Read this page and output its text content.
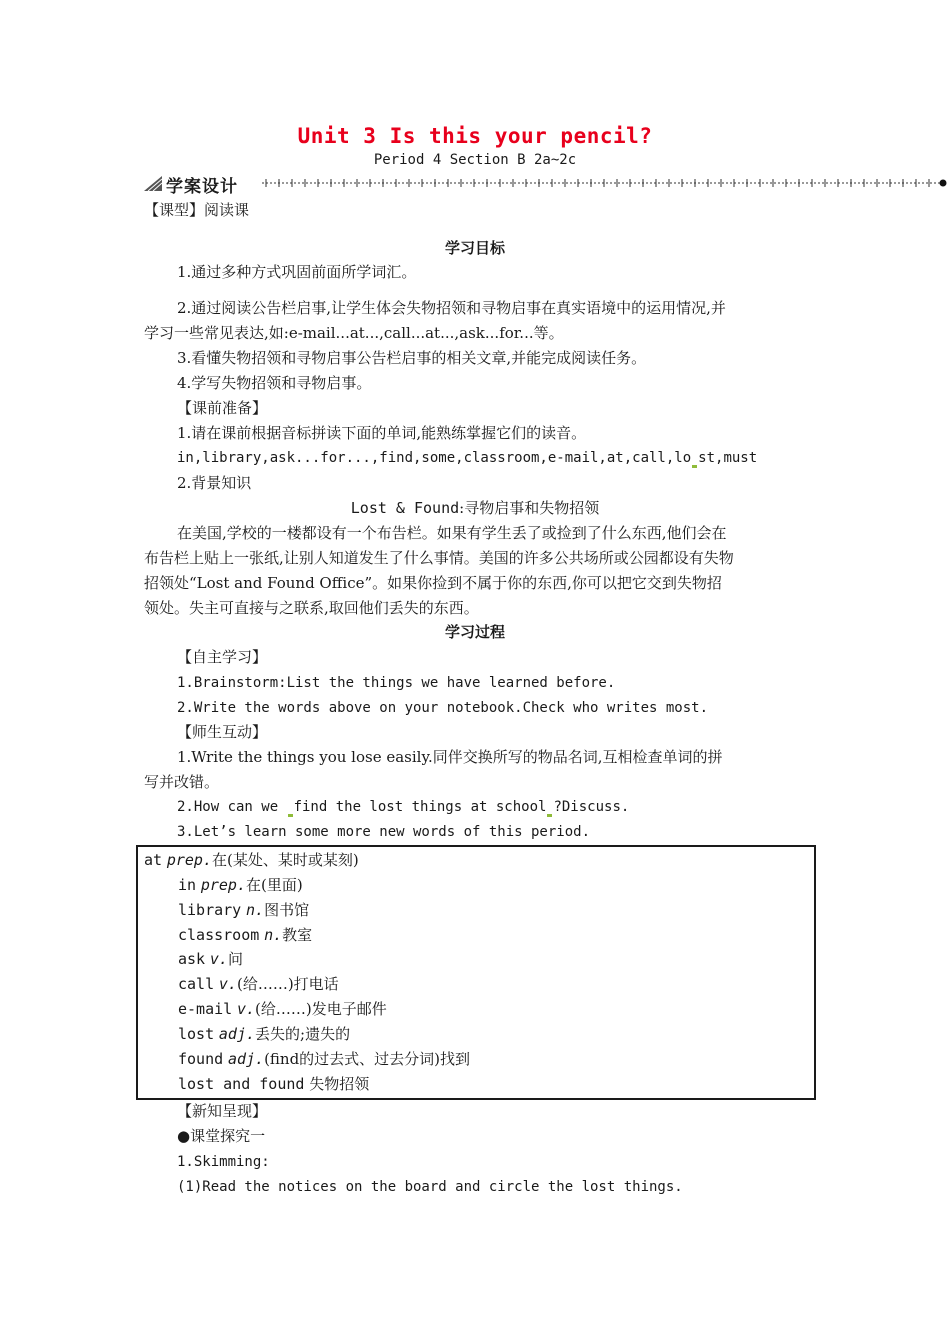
Unit 3 Is this your pencil?
Period 4 Section B 2a~2c
学案设计
【课型】阅读课
学习目标
1.通过多种方式巩固前面所学词汇。
2.通过阅读公告栏启事,让学生体会失物招领和寻物启事在真实语境中的运用情况,并
学习一些常见表达,如:e-mail...at...,call...at...,ask...for...等。
3.看懂失物招领和寻物启事公告栏启事的相关文章,并能完成阅读任务。
4.学写失物招领和寻物启事。
【课前准备】
1.请在课前根据音标拼读下面的单词,能熟练掌握它们的读音。
in,library,ask...for...,find,some,classroom,e-mail,at,call,lo st,must
2.背景知识
Lost & Found:寻物启事和失物招领
在美国,学校的一楼都设有一个布告栏。如果有学生丢了或捡到了什么东西,他们会在
布告栏上贴上一张纸,让别人知道发生了什么事情。美国的许多公共场所或公园都设有失物
招领处“Lost and Found Office”。如果你捡到不属于你的东西,你可以把它交到失物招
领处。失主可直接与之联系,取回他们丢失的东西。
学习过程
【自主学习】
1.Brainstorm:List the things we have learned before.
2.Write the words above on your notebook.Check who writes most.
【师生互动】
1.Write the things you lose easily.同伴交换所写的物品名词,互相检查单词的拼
写并改错。
2.How can we find the lost things at school ?Discuss.
3.Let’s learn some more new words of this period.
at prep.在(某处、某时或某刻)
in prep.在(里面)
library n.图书馆
classroom n.教室
ask v.问
call v.(给……)打电话
e-mail v.(给……)发电子邮件
lost adj.丢失的;遗失的
found adj.(find的过去式、过去分词)找到
lost and found 失物招领
【新知呈现】
●课堂探究一
1.Skimming:
(1)Read the notices on the board and circle the lost things.
